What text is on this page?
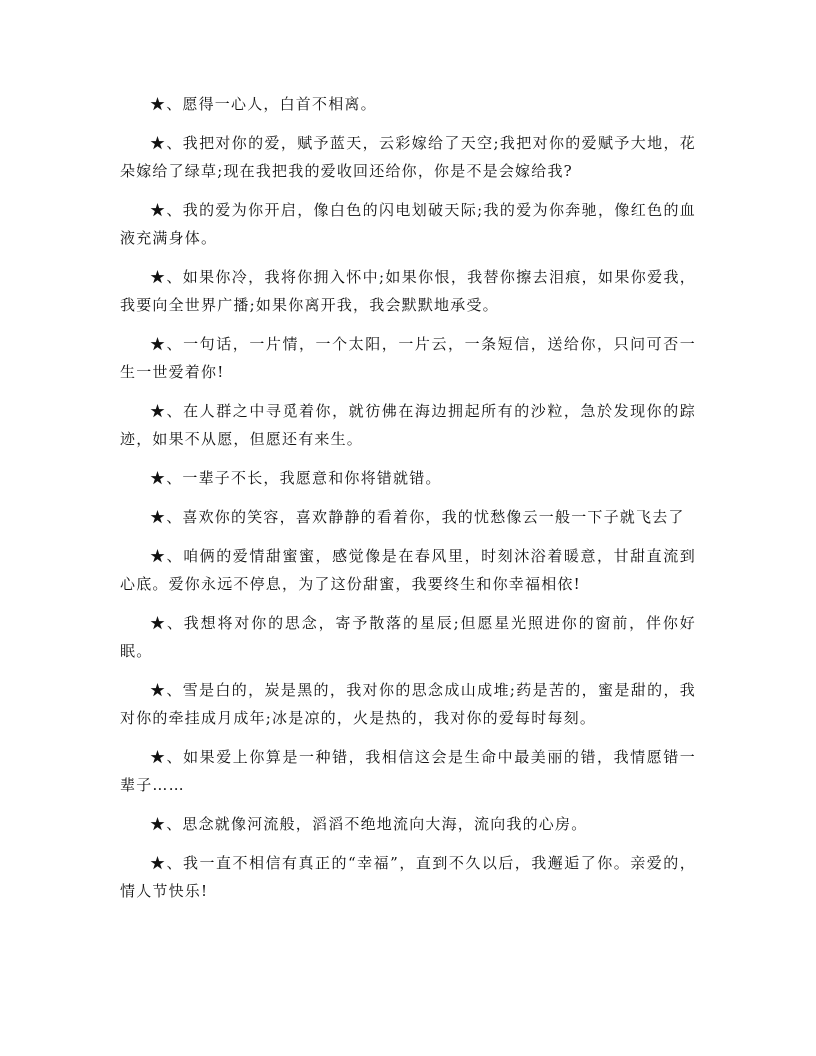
★、愿得一心人，白首不相离。

★、我把对你的爱，赋予蓝天，云彩嫁给了天空;我把对你的爱赋予大地，花朵嫁给了绿草;现在我把我的爱收回还给你，你是不是会嫁给我?

★、我的爱为你开启，像白色的闪电划破天际;我的爱为你奔驰，像红色的血液充满身体。

★、如果你冷，我将你拥入怀中;如果你恨，我替你擦去泪痕，如果你爱我，我要向全世界广播;如果你离开我，我会默默地承受。

★、一句话，一片情，一个太阳，一片云，一条短信，送给你，只问可否一生一世爱着你!

★、在人群之中寻觅着你，就彷佛在海边拥起所有的沙粒，急於发现你的踪迹，如果不从愿，但愿还有来生。

★、一辈子不长，我愿意和你将错就错。

★、喜欢你的笑容，喜欢静静的看着你，我的忧愁像云一般一下子就飞去了

★、咱俩的爱情甜蜜蜜，感觉像是在春风里，时刻沐浴着暖意，甘甜直流到心底。爱你永远不停息，为了这份甜蜜，我要终生和你幸福相依!

★、我想将对你的思念，寄予散落的星辰;但愿星光照进你的窗前，伴你好眠。

★、雪是白的，炭是黑的，我对你的思念成山成堆;药是苦的，蜜是甜的，我对你的牵挂成月成年;冰是凉的，火是热的，我对你的爱每时每刻。

★、如果爱上你算是一种错，我相信这会是生命中最美丽的错，我情愿错一辈子……

★、思念就像河流般，滔滔不绝地流向大海，流向我的心房。

★、我一直不相信有真正的“幸福”，直到不久以后，我邂逅了你。亲爱的，情人节快乐!
